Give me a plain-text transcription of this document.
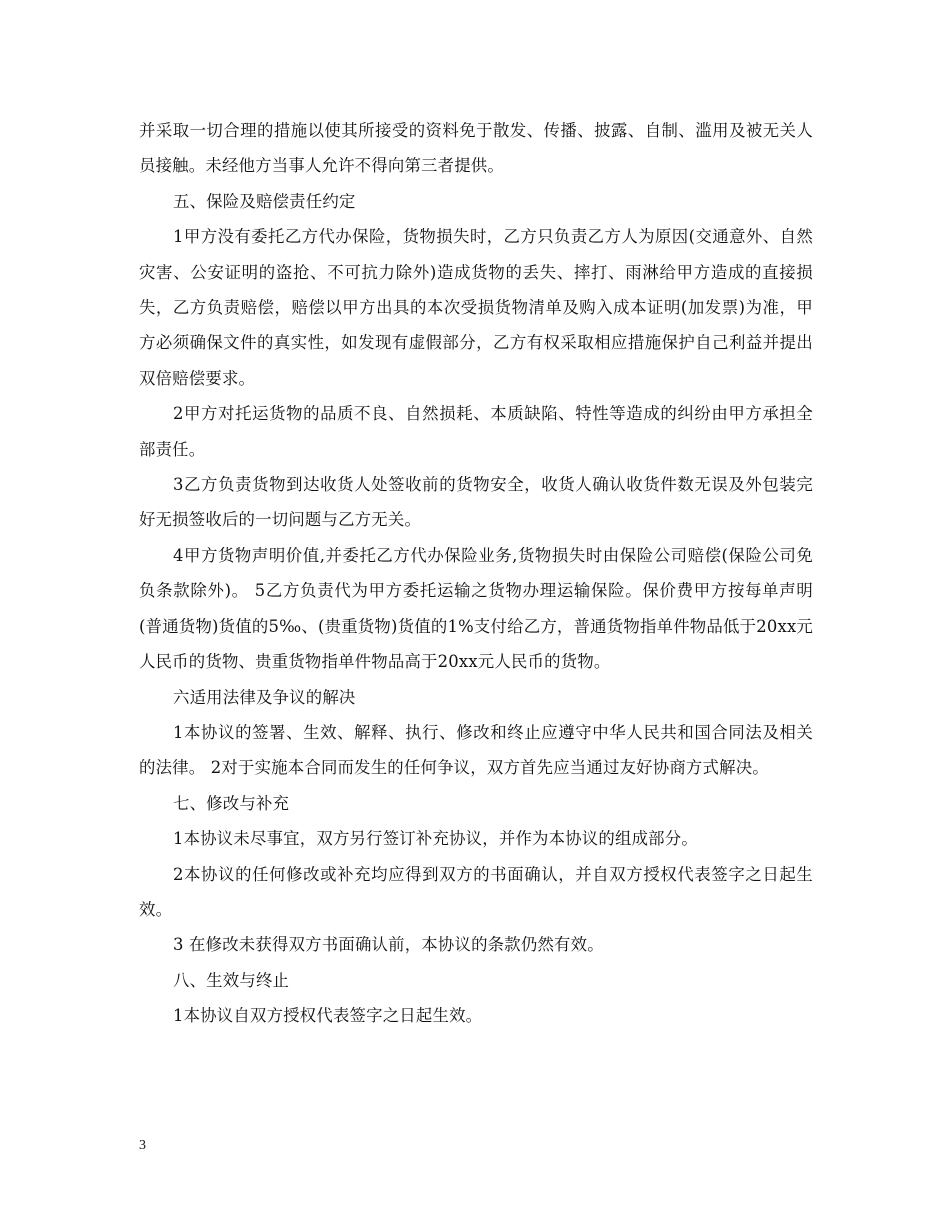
并采取一切合理的措施以使其所接受的资料免于散发、传播、披露、自制、滥用及被无关人员接触。未经他方当事人允许不得向第三者提供。

五、保险及赔偿责任约定

1甲方没有委托乙方代办保险，货物损失时，乙方只负责乙方人为原因(交通意外、自然灾害、公安证明的盗抢、不可抗力除外)造成货物的丢失、摔打、雨淋给甲方造成的直接损失，乙方负责赔偿，赔偿以甲方出具的本次受损货物清单及购入成本证明(加发票)为准，甲方必须确保文件的真实性，如发现有虚假部分，乙方有权采取相应措施保护自己利益并提出双倍赔偿要求。

2甲方对托运货物的品质不良、自然损耗、本质缺陷、特性等造成的纠纷由甲方承担全部责任。

3乙方负责货物到达收货人处签收前的货物安全，收货人确认收货件数无误及外包装完好无损签收后的一切问题与乙方无关。

4甲方货物声明价值,并委托乙方代办保险业务,货物损失时由保险公司赔偿(保险公司免负条款除外)。 5乙方负责代为甲方委托运输之货物办理运输保险。保价费甲方按每单声明(普通货物)货值的5‰、(贵重货物)货值的1%支付给乙方，普通货物指单件物品低于20xx元人民币的货物、贵重货物指单件物品高于20xx元人民币的货物。

六适用法律及争议的解决

1本协议的签署、生效、解释、执行、修改和终止应遵守中华人民共和国合同法及相关的法律。 2对于实施本合同而发生的任何争议，双方首先应当通过友好协商方式解决。

七、修改与补充

1本协议未尽事宜，双方另行签订补充协议，并作为本协议的组成部分。

2本协议的任何修改或补充均应得到双方的书面确认，并自双方授权代表签字之日起生效。

3 在修改未获得双方书面确认前，本协议的条款仍然有效。

八、生效与终止

1本协议自双方授权代表签字之日起生效。

3
